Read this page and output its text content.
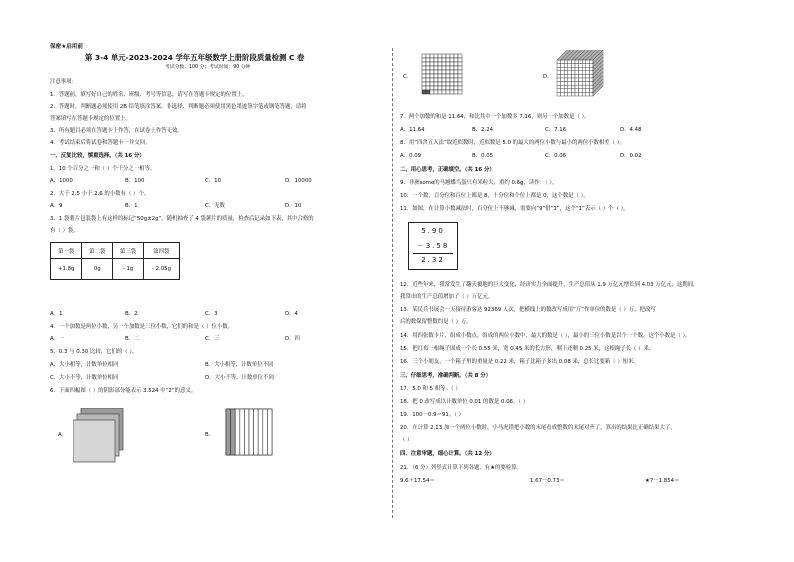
保密★启用前
第 3-4 单元-2023-2024 学年五年级数学上册阶段质量检测 C 卷
考试分数：100 分；考试时间：90 分钟
注意事项：
1．答题前，填写好自己的姓名、班级、考号等信息，请写在答题卡规定的位置上。
2．答题时，判断题必须使用 2B 铅笔填涂答案，非选择、判断题必须使用黑色墨迹签字笔或钢笔答题，请将
答案填写在答题卡规定的位置上。
3．所有题目必须在答题卡上作答，在试卷上作答无效。
4．考试结束后将试卷和答题卡一并交回。
一、反复比较，慎重选择。（共 16 分）
1．10 个百分之一和（ ）个千分之一相等。
A．1000	B．100	C．10	D．10000
2．大于 2.5 小于 2.6 的小数有（ ）个。
A．9	B．1	C．无数	D．10
3．1 袋薯片包装袋上有这样的标记“50g±2g”，随机抽查了 4 袋薯片的质量，检查后记录如下表，其中合格的
有（ ）袋。
第一袋	第二袋	第三袋	第四袋
+1.8g	0g	- 1g	- 2.05g
A．1	B．2	C．3	D．4
4．一个加数是两位小数，另一个加数是三位小数，它们的和是（ ）位小数。
A．一	B．二	C．三	D．四
5．0.3 与 0.30 比较，它们的（ ）。
A．大小相等，计数单位相同	B．大小相等，计数单位不同
C．大小不等，计数单位相同	D．大小不等，计数单位不同
6．下面四幅图（ ）的阴影部分能表示 3.524 中“2”的意义。
A.	B.
C.	D.
7．两个加数的和是 11.64，和比其中一个加数多 7.16，则另一个加数是（ ）。
A．11.64	B．2.24	C．7.16	D．4.48
8．用“四舍五入法”取近似数时，近似数是 5.0 的最大的两位小数与最小的两位小数相差（ ）。
A．0.09	B．0.05	C．0.06	D．0.02
二、用心思考，正确填空。（共 16 分）
9．非洲some的马翘蝶鸟蛋只有米粒大，重约 0.6g，读作：（ ）。
10．一个数，百分位和百位上都是 8，十分位和个位上都是 0，这个数是（ ）。
11．如图，在计算小数减法时，百分位上不够减，需要向“9”借“1”，这个“1”表示（ ）个（ ）。
5.90
－3.58
2.32
12．近些年来，我常发生了翻天覆地的巨大变化，经济实力全面提升，生产总值从 1.9 万亿元增长到 4.03 万亿元，这期间，
我常市的生产总值增加了（ ）万亿元。
13．某民兵书展会一天接待游客达 92369 人次，把横线上的数改写成用“万”作单位的数是（ ）万，把改写
后的数保留整数约是（ ）万。
14．用四张数卡片，组成小数点，组成的两位小数中，最大的数是（ ），最小的三位小数是以个一个数，这个小数是（ ）。
15．把红布一根绳子围成一个长 0.55 米，宽 0.45 米的长方形，剩下还剩 0.25 米，这根绳子长（ ）米。
16．三个小朋友，一个箱子里的重量是 0.22 米，箱子比箱子多出 0.08 米，总长比要箱（ ）厘米。
三、仔细思考，准确判断。（共 8 分）
17．5.0 和 5 相等。（ ）
18．把 0 改写成以计数单位 0.01 的数是 0.06。（ ）
19．100－0.9＝91。（ ）
20．在计算 2.13 加一个两位小数时，小马虎错把小数的末尾看成整数的末尾对齐了，算出的结果比正确结果大了。
（ ）
四、注意审题，细心计算。（共 12 分）
21．（6 分）列竖式计算下列各题，有★的要验算。
9.6＋17.54＝	1.67－0.73＝	★7－1.854＝
